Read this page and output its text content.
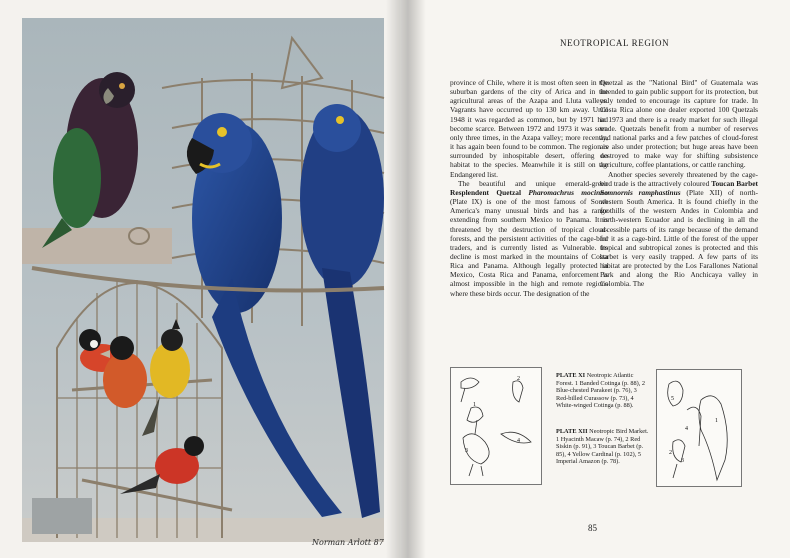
Norman Arlott 87
NEOTROPICAL REGION

province of Chile, where it is most often seen in the suburban gardens of the city of Arica and in the agricultural areas of the Azapa and Lluta valleys. Vagrants have occurred up to 130 km away. Until 1948 it was regarded as common, but by 1971 had become scarce. Between 1972 and 1973 it was seen only three times, in the Azapa valley; more recently, it has again been found to be common. The region is surrounded by inhospitable desert, offering no habitat to the species. Meanwhile it is still on the Endangered list.

The beautiful and unique emerald-green Resplendent Quetzal Pharomachrus mocinno (Plate IX) is one of the most famous of South America's many unusual birds and has a range extending from southern Mexico to Panama. It is threatened by the destruction of tropical cloud-forests, and the persistent activities of the cage-bird traders, and is currently listed as Vulnerable. Its decline is most marked in the mountains of Costa Rica and Panama. Although legally protected in Mexico, Costa Rica and Panama, enforcement is almost impossible in the high and remote regions where these birds occur. The designation of the

Quetzal as the "National Bird" of Guatemala was intended to gain public support for its protection, but only tended to encourage its capture for trade. In Costa Rica alone one dealer exported 100 Quetzals in 1973 and there is a ready market for such illegal trade. Quetzals benefit from a number of reserves and national parks and a few patches of cloud-forest are also under protection; but huge areas have been destroyed to make way for shifting subsistence agriculture, coffee plantations, or cattle ranching.

Another species severely threatened by the cage-bird trade is the attractively coloured Toucan Barbet Semnornis ramphastinus (Plate XII) of north-western South America. It is found chiefly in the foothills of the western Andes in Colombia and north-western Ecuador and is declining in all the accessible parts of its range because of the demand for it as a cage-bird. Little of the forest of the upper tropical and subtropical zones is protected and this barbet is very easily trapped. A few parts of its habitat are protected by the Los Farallones National Park and along the Rio Anchicaya valley in Colombia. The

1
2
3
4
PLATE XI Neotropic Atlantic Forest. 1 Banded Cotinga (p. 88), 2 Blue-chested Parakeet (p. 76), 3 Red-billed Curassow (p. 73), 4 White-winged Cotinga (p. 88).
PLATE XII Neotropic Bird Market. 1 Hyacinth Macaw (p. 74), 2 Red Siskin (p. 91), 3 Toucan Barbet (p. 85), 4 Yellow Cardinal (p. 102), 5 Imperial Amazon (p. 78).
1
2
3
4
5
85
